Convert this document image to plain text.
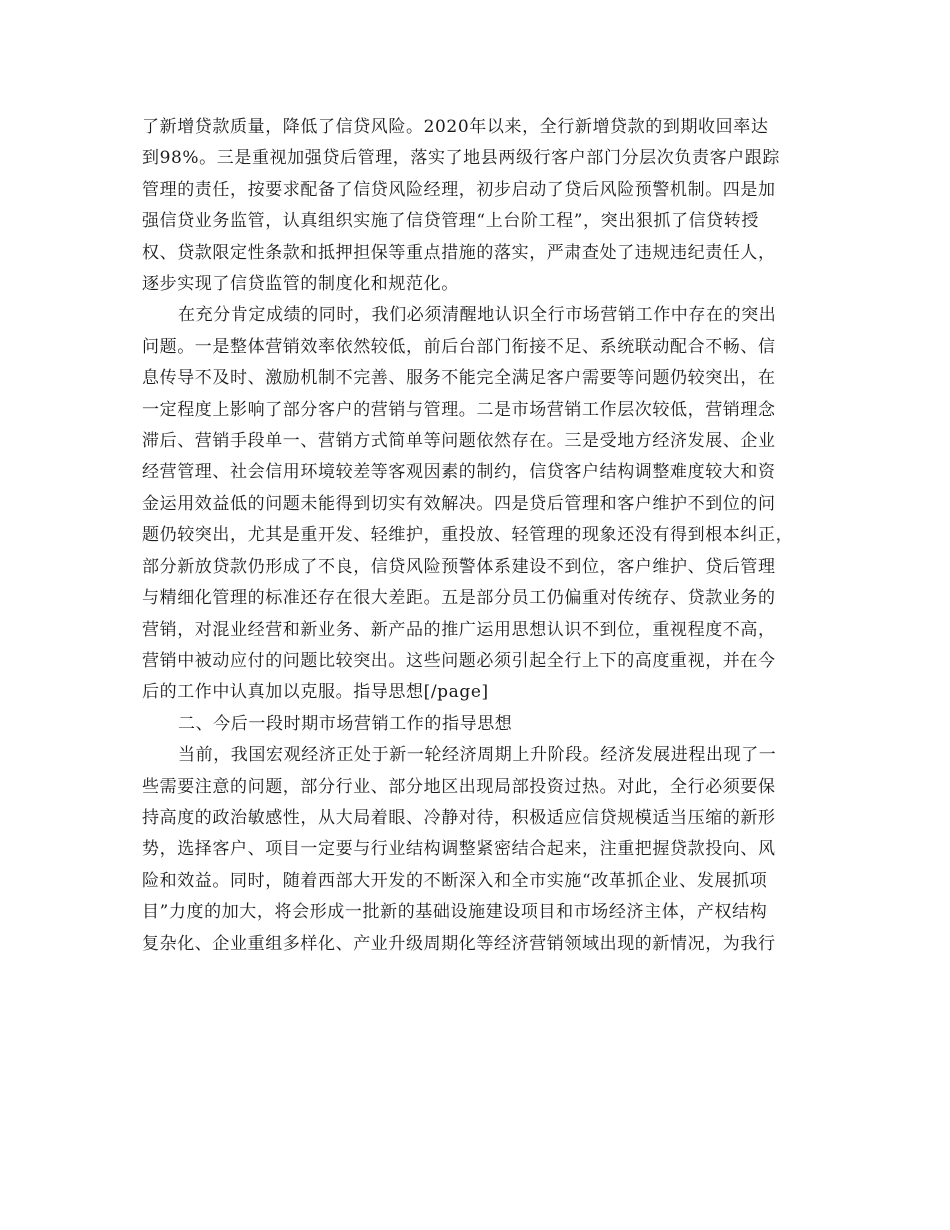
了新增贷款质量，降低了信贷风险。2020年以来，全行新增贷款的到期收回率达
到98%。三是重视加强贷后管理，落实了地县两级行客户部门分层次负责客户跟踪
管理的责任，按要求配备了信贷风险经理，初步启动了贷后风险预警机制。四是加
强信贷业务监管，认真组织实施了信贷管理“上台阶工程”，突出狠抓了信贷转授
权、贷款限定性条款和抵押担保等重点措施的落实，严肃查处了违规违纪责任人，
逐步实现了信贷监管的制度化和规范化。
在充分肯定成绩的同时，我们必须清醒地认识全行市场营销工作中存在的突出
问题。一是整体营销效率依然较低，前后台部门衔接不足、系统联动配合不畅、信
息传导不及时、激励机制不完善、服务不能完全满足客户需要等问题仍较突出，在
一定程度上影响了部分客户的营销与管理。二是市场营销工作层次较低，营销理念
滞后、营销手段单一、营销方式简单等问题依然存在。三是受地方经济发展、企业
经营管理、社会信用环境较差等客观因素的制约，信贷客户结构调整难度较大和资
金运用效益低的问题未能得到切实有效解决。四是贷后管理和客户维护不到位的问
题仍较突出，尤其是重开发、轻维护，重投放、轻管理的现象还没有得到根本纠正，
部分新放贷款仍形成了不良，信贷风险预警体系建设不到位，客户维护、贷后管理
与精细化管理的标准还存在很大差距。五是部分员工仍偏重对传统存、贷款业务的
营销，对混业经营和新业务、新产品的推广运用思想认识不到位，重视程度不高，
营销中被动应付的问题比较突出。这些问题必须引起全行上下的高度重视，并在今
后的工作中认真加以克服。指导思想[/page]
二、今后一段时期市场营销工作的指导思想
当前，我国宏观经济正处于新一轮经济周期上升阶段。经济发展进程出现了一
些需要注意的问题，部分行业、部分地区出现局部投资过热。对此，全行必须要保
持高度的政治敏感性，从大局着眼、冷静对待，积极适应信贷规模适当压缩的新形
势，选择客户、项目一定要与行业结构调整紧密结合起来，注重把握贷款投向、风
险和效益。同时，随着西部大开发的不断深入和全市实施“改革抓企业、发展抓项
目”力度的加大，将会形成一批新的基础设施建设项目和市场经济主体，产权结构
复杂化、企业重组多样化、产业升级周期化等经济营销领域出现的新情况，为我行
